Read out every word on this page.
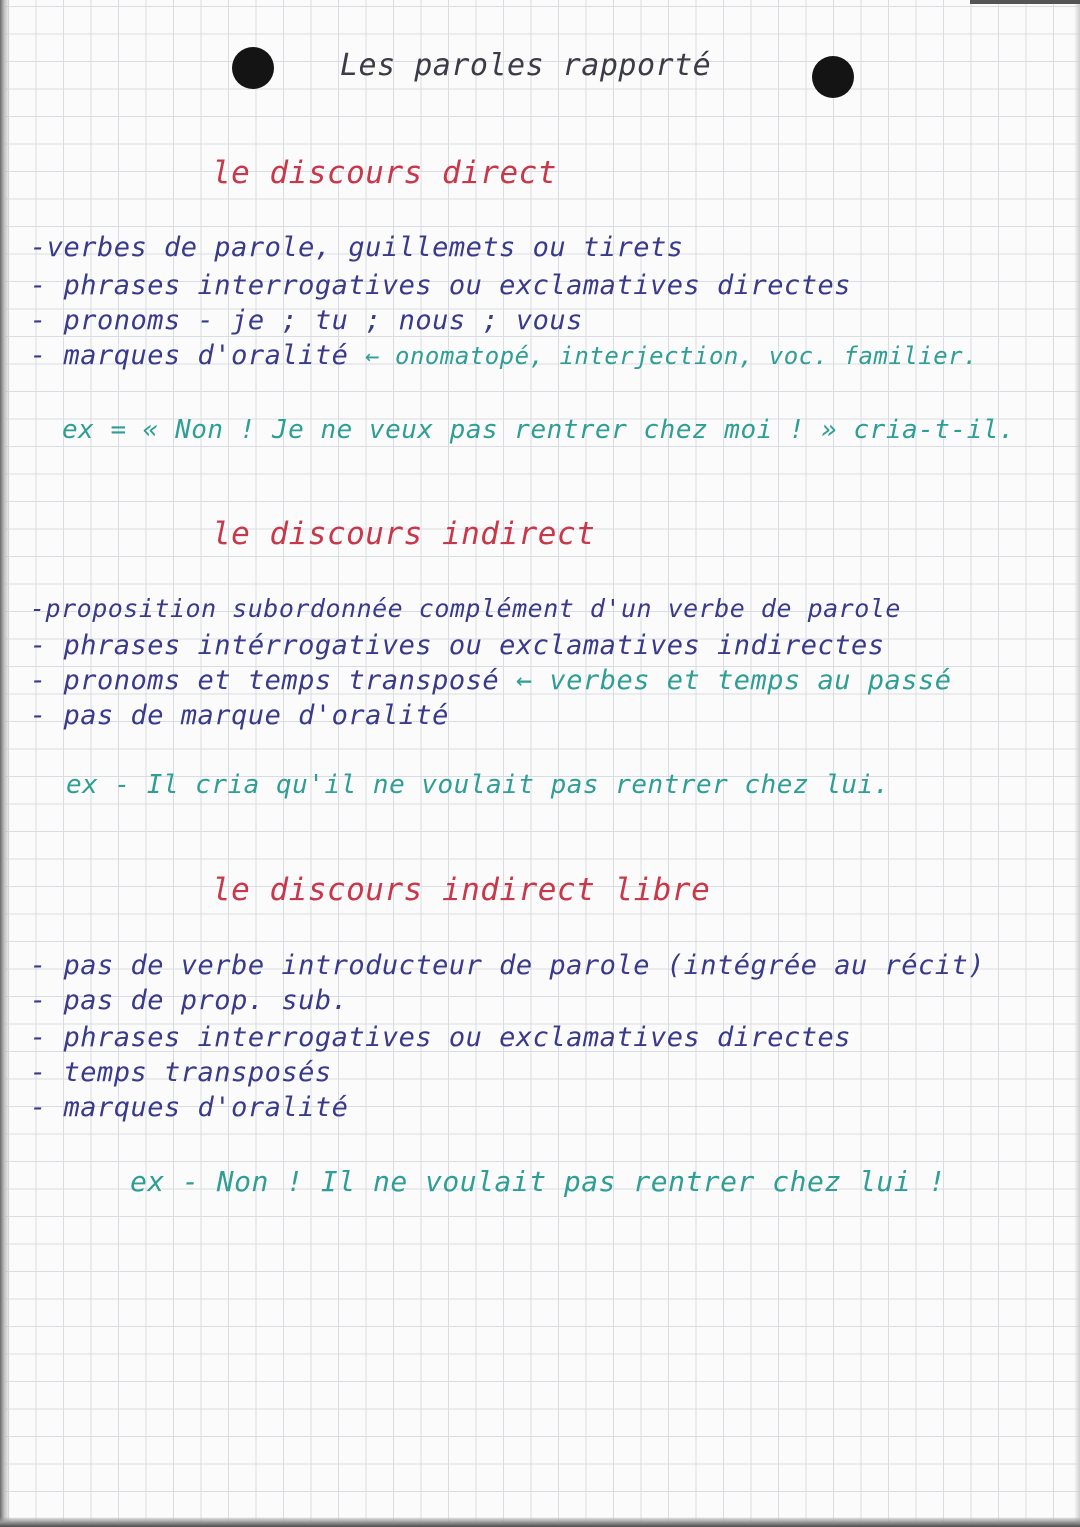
Les paroles rapporté
le discours direct
-verbes de parole, guillemets ou tirets
- phrases interrogatives ou exclamatives directes
- pronoms - je ; tu ; nous ; vous
- marques d'oralité ← onomatopé, interjection, voc. familier.
ex = « Non ! Je ne veux pas rentrer chez moi ! » cria-t-il.
le discours indirect
-proposition subordonnée complément d'un verbe de parole
- phrases intérrogatives ou exclamatives indirectes
- pronoms et temps transposé ← verbes et temps au passé
- pas de marque d'oralité
ex - Il cria qu'il ne voulait pas rentrer chez lui.
le discours indirect libre
- pas de verbe introducteur de parole (intégrée au récit)
- pas de prop. sub.
- phrases interrogatives ou exclamatives directes
- temps transposés
- marques d'oralité
ex - Non ! Il ne voulait pas rentrer chez lui !
